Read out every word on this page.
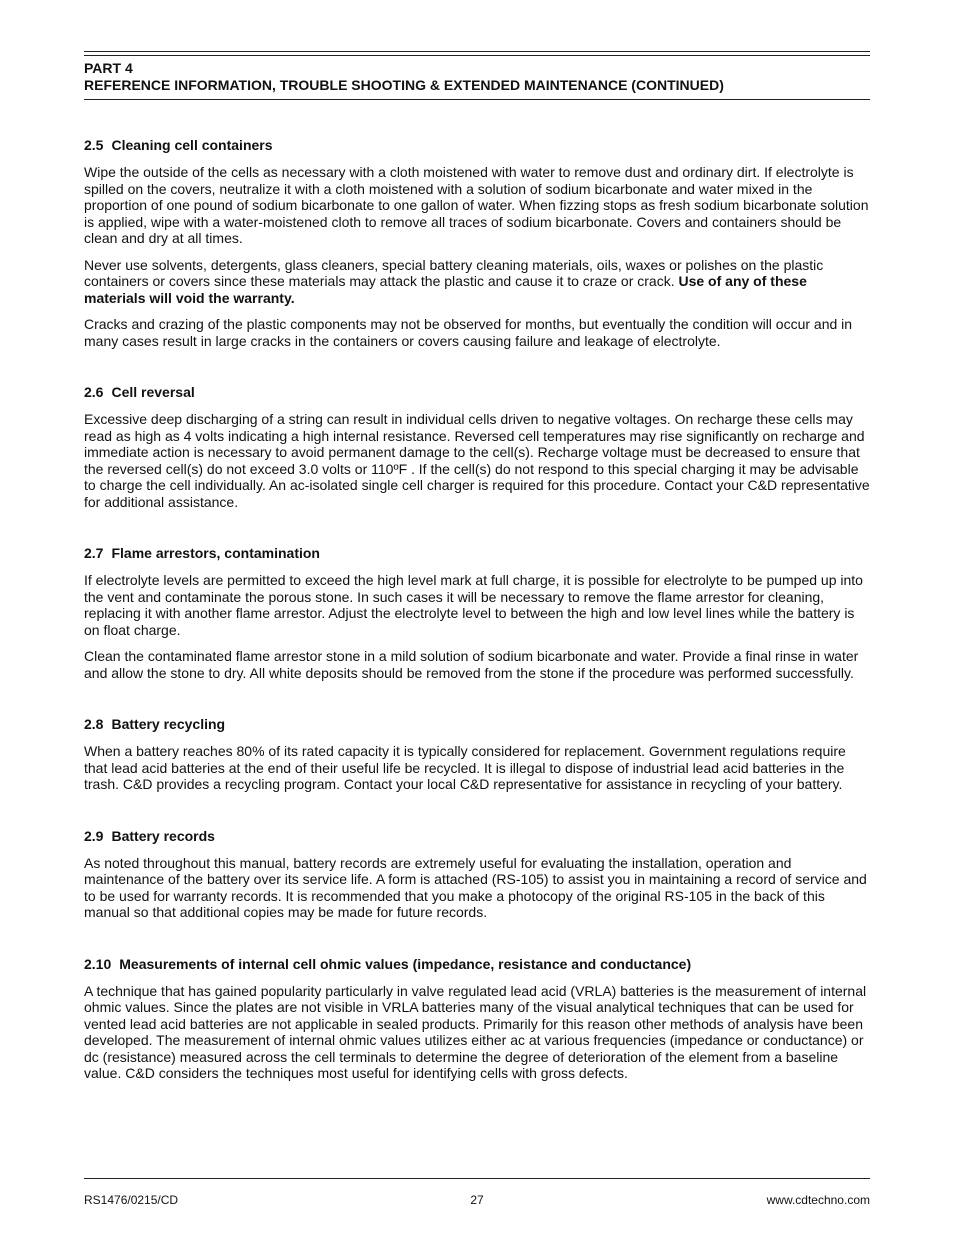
PART 4
REFERENCE INFORMATION, TROUBLE SHOOTING & EXTENDED MAINTENANCE (CONTINUED)
2.5 Cleaning cell containers

Wipe the outside of the cells as necessary with a cloth moistened with water to remove dust and ordinary dirt. If electrolyte is spilled on the covers, neutralize it with a cloth moistened with a solution of sodium bicarbonate and water mixed in the proportion of one pound of sodium bicarbonate to one gallon of water. When fizzing stops as fresh sodium bicarbonate solution is applied, wipe with a water-moistened cloth to remove all traces of sodium bicarbonate. Covers and containers should be clean and dry at all times.

Never use solvents, detergents, glass cleaners, special battery cleaning materials, oils, waxes or polishes on the plastic containers or covers since these materials may attack the plastic and cause it to craze or crack. Use of any of these materials will void the warranty.

Cracks and crazing of the plastic components may not be observed for months, but eventually the condition will occur and in many cases result in large cracks in the containers or covers causing failure and leakage of electrolyte.

2.6 Cell reversal

Excessive deep discharging of a string can result in individual cells driven to negative voltages. On recharge these cells may read as high as 4 volts indicating a high internal resistance. Reversed cell temperatures may rise significantly on recharge and immediate action is necessary to avoid permanent damage to the cell(s). Recharge voltage must be decreased to ensure that the reversed cell(s) do not exceed 3.0 volts or 110ºF . If the cell(s) do not respond to this special charging it may be advisable to charge the cell individually. An ac-isolated single cell charger is required for this procedure. Contact your C&D representative for additional assistance.

2.7 Flame arrestors, contamination

If electrolyte levels are permitted to exceed the high level mark at full charge, it is possible for electrolyte to be pumped up into the vent and contaminate the porous stone. In such cases it will be necessary to remove the flame arrestor for cleaning, replacing it with another flame arrestor. Adjust the electrolyte level to between the high and low level lines while the battery is on float charge.

Clean the contaminated flame arrestor stone in a mild solution of sodium bicarbonate and water. Provide a final rinse in water and allow the stone to dry. All white deposits should be removed from the stone if the procedure was performed successfully.

2.8 Battery recycling

When a battery reaches 80% of its rated capacity it is typically considered for replacement. Government regulations require that lead acid batteries at the end of their useful life be recycled. It is illegal to dispose of industrial lead acid batteries in the trash. C&D provides a recycling program. Contact your local C&D representative for assistance in recycling of your battery.

2.9 Battery records

As noted throughout this manual, battery records are extremely useful for evaluating the installation, operation and maintenance of the battery over its service life. A form is attached (RS-105) to assist you in maintaining a record of service and to be used for warranty records. It is recommended that you make a photocopy of the original RS-105 in the back of this manual so that additional copies may be made for future records.

2.10 Measurements of internal cell ohmic values (impedance, resistance and conductance)

A technique that has gained popularity particularly in valve regulated lead acid (VRLA) batteries is the measurement of internal ohmic values. Since the plates are not visible in VRLA batteries many of the visual analytical techniques that can be used for vented lead acid batteries are not applicable in sealed products. Primarily for this reason other methods of analysis have been developed. The measurement of internal ohmic values utilizes either ac at various frequencies (impedance or conductance) or dc (resistance) measured across the cell terminals to determine the degree of deterioration of the element from a baseline value. C&D considers the techniques most useful for identifying cells with gross defects.

RS1476/0215/CD	27	www.cdtechno.com
